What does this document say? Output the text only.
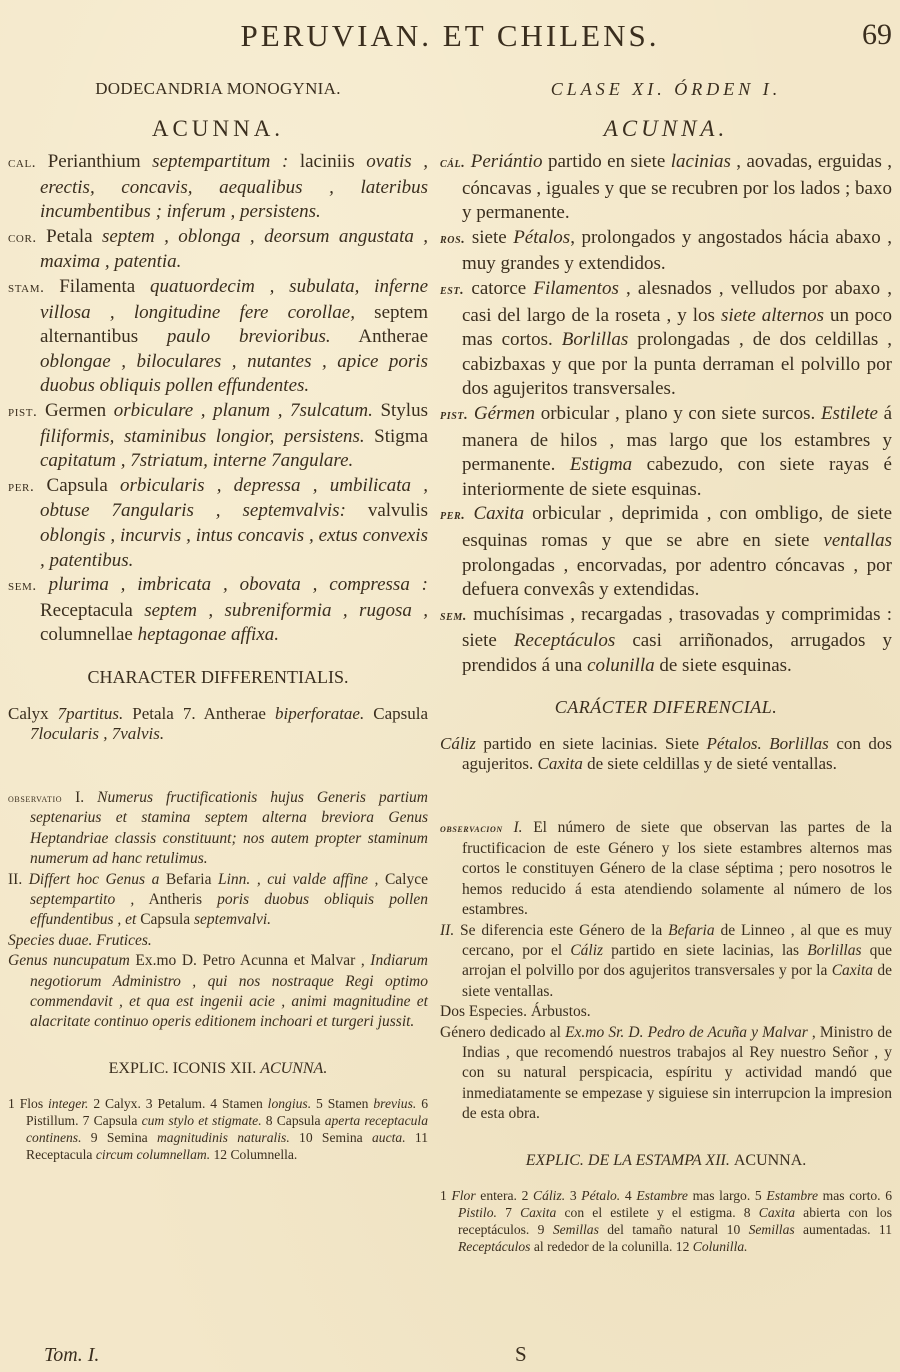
PERUVIAN. ET CHILENS.	69
DODECANDRIA MONOGYNIA.
ACUNNA.

cal. Perianthium septempartitum : laciniis ovatis , erectis, concavis, aequalibus , lateribus incumbentibus ; inferum , persistens.

cor. Petala septem , oblonga , deorsum angustata , maxima , patentia.

stam. Filamenta quatuordecim , subulata, inferne villosa , longitudine fere corollae, septem alternantibus paulo brevioribus. Antherae oblongae , biloculares , nutantes , apice poris duobus obliquis pollen effundentes.

pist. Germen orbiculare , planum , 7sulcatum. Stylus filiformis, staminibus longior, persistens. Stigma capitatum , 7striatum, interne 7angulare.

per. Capsula orbicularis , depressa , umbilicata , obtuse 7angularis , septemvalvis: valvulis oblongis , incurvis , intus concavis , extus convexis , patentibus.

sem. plurima , imbricata , obovata , compressa : Receptacula septem , subreniformia , rugosa , columnellae heptagonae affixa.

CHARACTER DIFFERENTIALIS.

Calyx 7partitus. Petala 7. Antherae biperforatae. Capsula 7locularis , 7valvis.

observatio I. Numerus fructificationis hujus Generis partium septenarius et stamina septem alterna breviora Genus Heptandriae classis constituunt; nos autem propter staminum numerum ad hanc retulimus.

II. Differt hoc Genus a Befaria Linn. , cui valde affine , Calyce septempartito , Antheris poris duobus obliquis pollen effundentibus , et Capsula septemvalvi.

Species duae. Frutices.

Genus nuncupatum Ex.mo D. Petro Acunna et Malvar , Indiarum negotiorum Administro , qui nos nostraque Regi optimo commendavit , et qua est ingenii acie , animi magnitudine et alacritate continuo operis editionem inchoari et turgeri jussit.

EXPLIC. ICONIS XII. ACUNNA.

1 Flos integer. 2 Calyx. 3 Petalum. 4 Stamen longius. 5 Stamen brevius. 6 Pistillum. 7 Capsula cum stylo et stigmate. 8 Capsula aperta receptacula continens. 9 Semina magnitudinis naturalis. 10 Semina aucta. 11 Receptacula circum columnellam. 12 Columnella.

Tom. I.
CLASE XI. ÓRDEN I.
ACUNNA.

cál. Periántio partido en siete lacinias , aovadas, erguidas , cóncavas , iguales y que se recubren por los lados ; baxo y permanente.

ros. siete Pétalos, prolongados y angostados hácia abaxo , muy grandes y extendidos.

est. catorce Filamentos , alesnados , velludos por abaxo , casi del largo de la roseta , y los siete alternos un poco mas cortos. Borlillas prolongadas , de dos celdillas , cabizbaxas y que por la punta derraman el polvillo por dos agujeritos transversales.

pist. Gérmen orbicular , plano y con siete surcos. Estilete á manera de hilos , mas largo que los estambres y permanente. Estigma cabezudo, con siete rayas é interiormente de siete esquinas.

per. Caxita orbicular , deprimida , con ombligo, de siete esquinas romas y que se abre en siete ventallas prolongadas , encorvadas, por adentro cóncavas , por defuera convexâs y extendidas.

sem. muchísimas , recargadas , trasovadas y comprimidas : siete Receptáculos casi arriñonados, arrugados y prendidos á una colunilla de siete esquinas.

CARÁCTER DIFERENCIAL.

Cáliz partido en siete lacinias. Siete Pétalos. Borlillas con dos agujeritos. Caxita de siete celdillas y de sieté ventallas.

observacion I. El número de siete que observan las partes de la fructificacion de este Género y los siete estambres alternos mas cortos le constituyen Género de la clase séptima ; pero nosotros le hemos reducido á esta atendiendo solamente al número de los estambres.

II. Se diferencia este Género de la Befaria de Linneo , al que es muy cercano, por el Cáliz partido en siete lacinias, las Borlillas que arrojan el polvillo por dos agujeritos transversales y por la Caxita de siete ventallas.

Dos Especies. Árbustos.

Género dedicado al Ex.mo Sr. D. Pedro de Acuña y Malvar , Ministro de Indias , que recomendó nuestros trabajos al Rey nuestro Señor , y con su natural perspicacia, espíritu y actividad mandó que inmediatamente se empezase y siguiese sin interrupcion la impresion de esta obra.

EXPLIC. DE LA ESTAMPA XII. ACUNNA.

1 Flor entera. 2 Cáliz. 3 Pétalo. 4 Estambre mas largo. 5 Estambre mas corto. 6 Pistilo. 7 Caxita con el estilete y el estigma. 8 Caxita abierta con los receptáculos. 9 Semillas del tamaño natural 10 Semillas aumentadas. 11 Receptáculos al rededor de la colunilla. 12 Colunilla.

S
